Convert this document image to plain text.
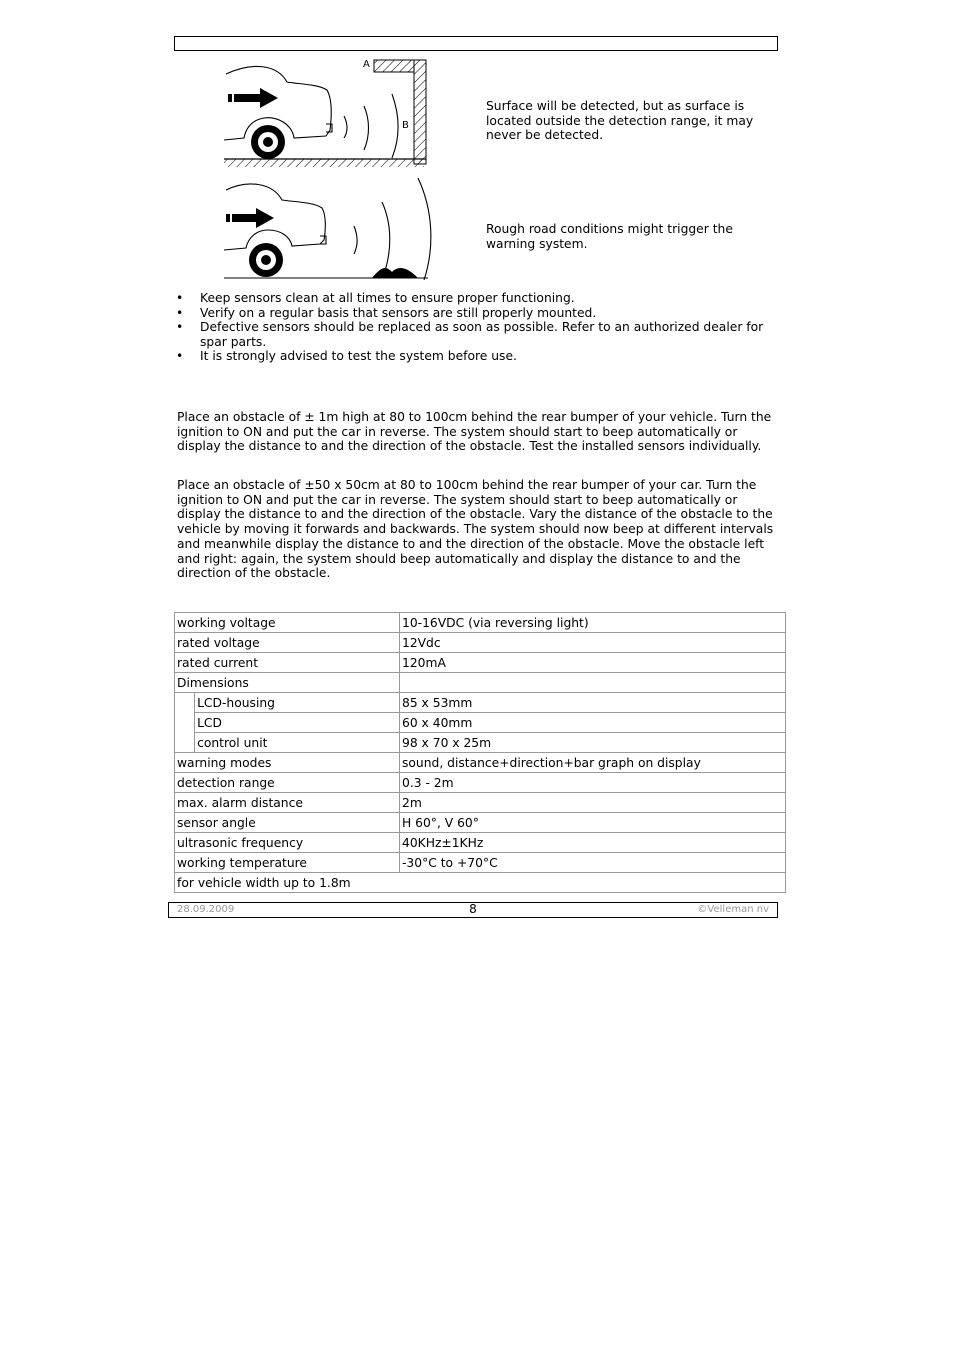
A
B
Surface will be detected, but as surface is located outside the detection range, it may never be detected.
Rough road conditions might trigger the warning system.
• Keep sensors clean at all times to ensure proper functioning.
• Verify on a regular basis that sensors are still properly mounted.
• Defective sensors should be replaced as soon as possible. Refer to an authorized dealer for spar parts.
• It is strongly advised to test the system before use.

Place an obstacle of ± 1m high at 80 to 100cm behind the rear bumper of your vehicle. Turn the ignition to ON and put the car in reverse. The system should start to beep automatically or display the distance to and the direction of the obstacle. Test the installed sensors individually.

Place an obstacle of ±50 x 50cm at 80 to 100cm behind the rear bumper of your car. Turn the ignition to ON and put the car in reverse. The system should start to beep automatically or display the distance to and the direction of the obstacle. Vary the distance of the obstacle to the vehicle by moving it forwards and backwards. The system should now beep at different intervals and meanwhile display the distance to and the direction of the obstacle. Move the obstacle left and right: again, the system should beep automatically and display the distance to and the direction of the obstacle.

working voltage		10-16VDC (via reversing light)
rated voltage		12Vdc
rated current		120mA
Dimensions		
	LCD-housing	85 x 53mm
	LCD	60 x 40mm
	control unit	98 x 70 x 25m
warning modes		sound, distance+direction+bar graph on display
detection range		0.3 - 2m
max. alarm distance		2m
sensor angle		H 60°, V 60°
ultrasonic frequency		40KHz±1KHz
working temperature		-30°C to +70°C
for vehicle width up to 1.8m		
28.09.2009	8	©Velleman nv
